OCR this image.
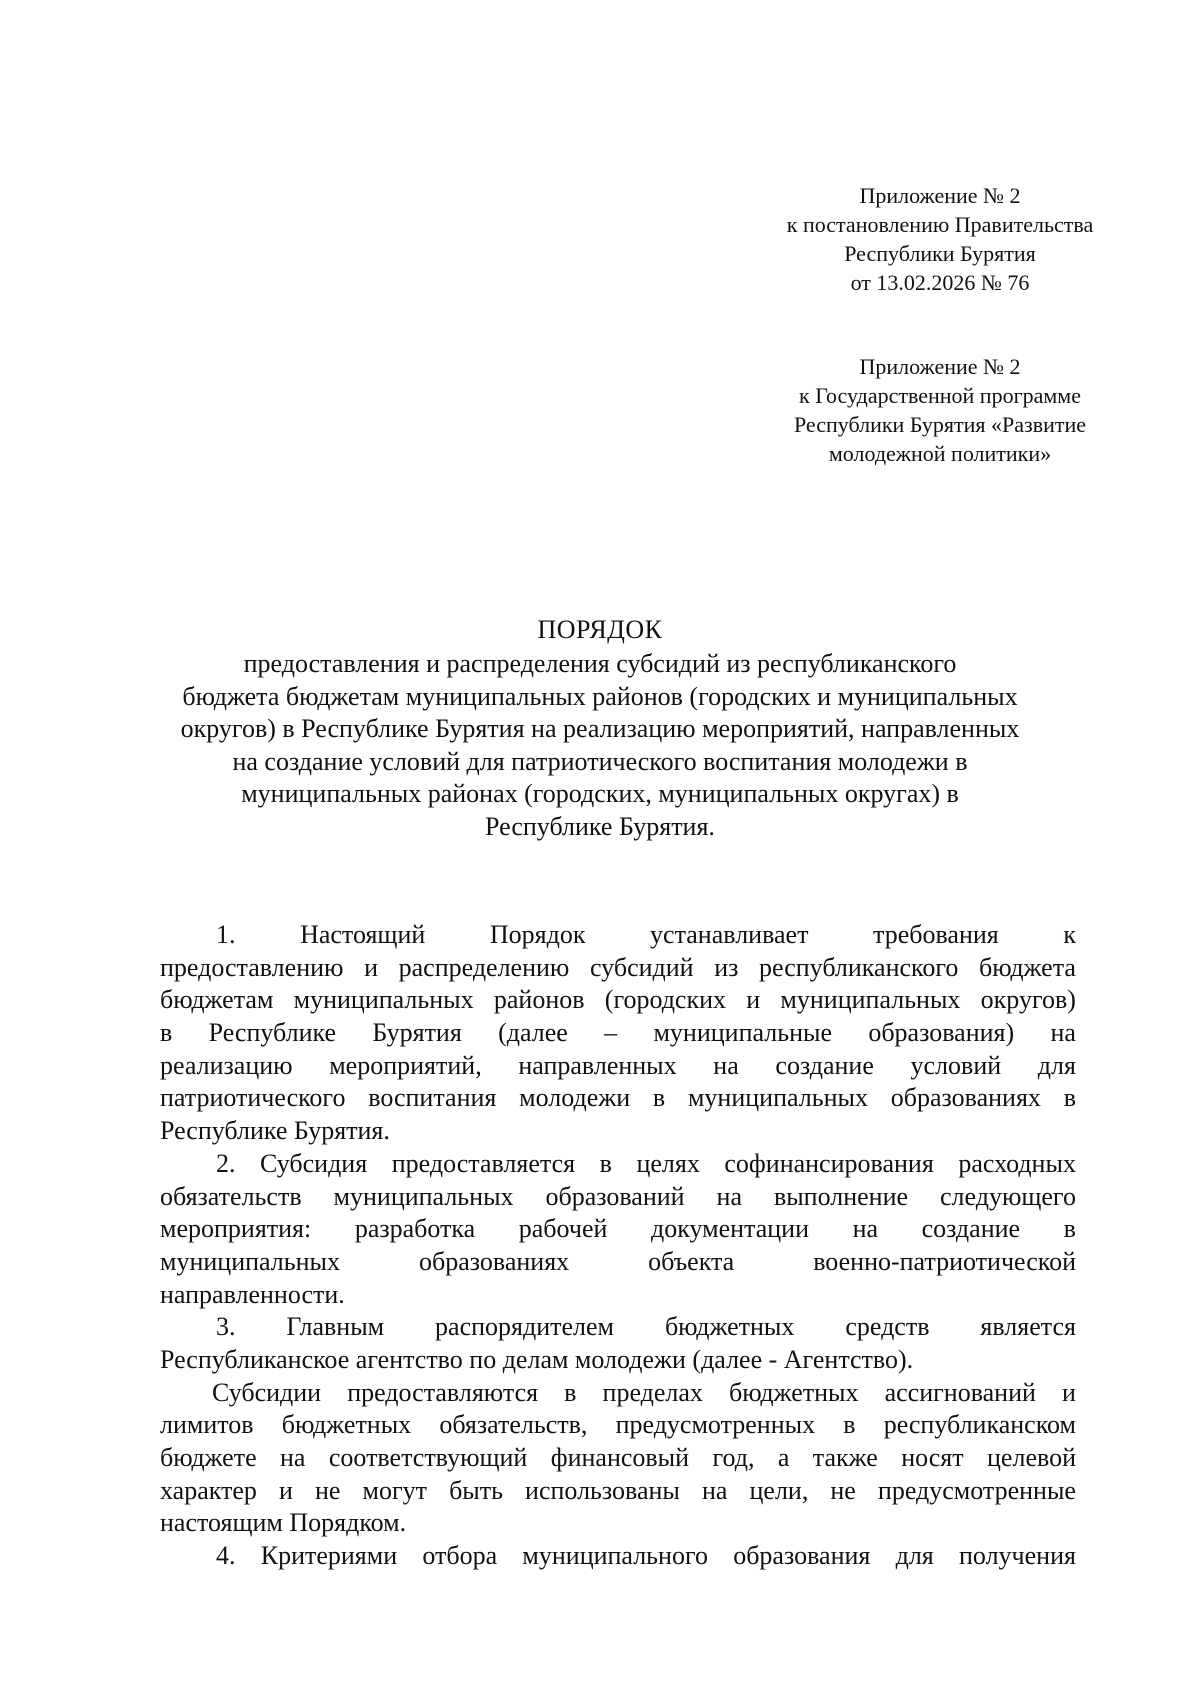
Приложение № 2
к постановлению Правительства
Республики Бурятия
от 13.02.2026 № 76
Приложение № 2
к Государственной программе
Республики Бурятия «Развитие
молодежной политики»
ПОРЯДОК
предоставления и распределения субсидий из республиканского
бюджета бюджетам муниципальных районов (городских и муниципальных
округов) в Республике Бурятия на реализацию мероприятий, направленных
на создание условий для патриотического воспитания молодежи в
муниципальных районах (городских, муниципальных округах) в
Республике Бурятия.
1. Настоящий Порядок устанавливает требования к
предоставлению и распределению субсидий из республиканского бюджета
бюджетам муниципальных районов (городских и муниципальных округов)
в Республике Бурятия (далее – муниципальные образования) на
реализацию мероприятий, направленных на создание условий для
патриотического воспитания молодежи в муниципальных образованиях в
Республике Бурятия.
2. Субсидия предоставляется в целях софинансирования расходных
обязательств муниципальных образований на выполнение следующего
мероприятия: разработка рабочей документации на создание в
муниципальных	образованиях	объекта	военно-патриотической
направленности.
3. Главным распорядителем бюджетных средств является
Республиканское агентство по делам молодежи (далее - Агентство).
Субсидии предоставляются в пределах бюджетных ассигнований и
лимитов бюджетных обязательств, предусмотренных в республиканском
бюджете на соответствующий финансовый год, а также носят целевой
характер и не могут быть использованы на цели, не предусмотренные
настоящим Порядком.
4. Критериями отбора муниципального образования для получения
